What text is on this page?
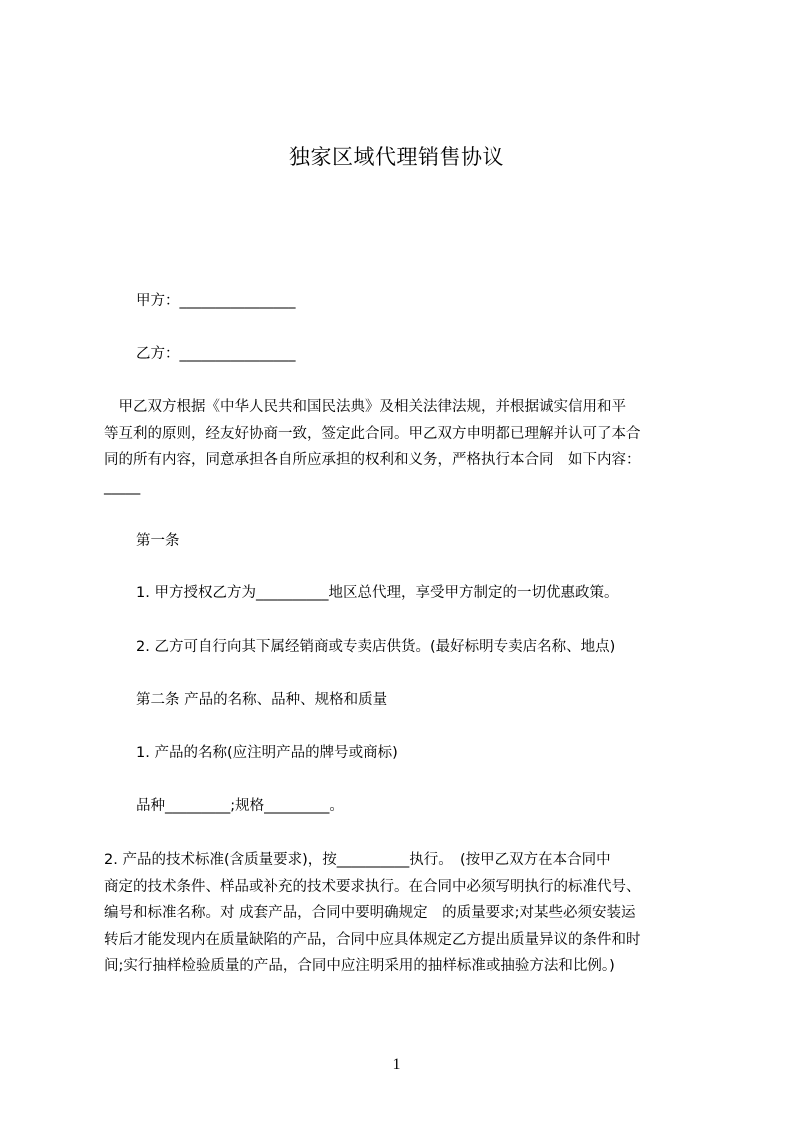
独家区域代理销售协议
甲方：________________
乙方：________________
　甲乙双方根据《中华人民共和国民法典》及相关法律法规，并根据诚实信用和平
等互利的原则，经友好协商一致，签定此合同。甲乙双方申明都已理解并认可了本合
同的所有内容，同意承担各自所应承担的权利和义务，严格执行本合同　如下内容：
_____
第一条
1. 甲方授权乙方为__________地区总代理，享受甲方制定的一切优惠政策。
2. 乙方可自行向其下属经销商或专卖店供货。(最好标明专卖店名称、地点)
第二条 产品的名称、品种、规格和质量
1. 产品的名称(应注明产品的牌号或商标)
品种_________;规格_________。
2. 产品的技术标准(含质量要求)，按__________执行。　(按甲乙双方在本合同中
商定的技术条件、样品或补充的技术要求执行。在合同中必须写明执行的标准代号、
编号和标准名称。对 成套产品，合同中要明确规定　的质量要求;对某些必须安装运
转后才能发现内在质量缺陷的产品，合同中应具体规定乙方提出质量异议的条件和时
间;实行抽样检验质量的产品，合同中应注明采用的抽样标准或抽验方法和比例。)
1
